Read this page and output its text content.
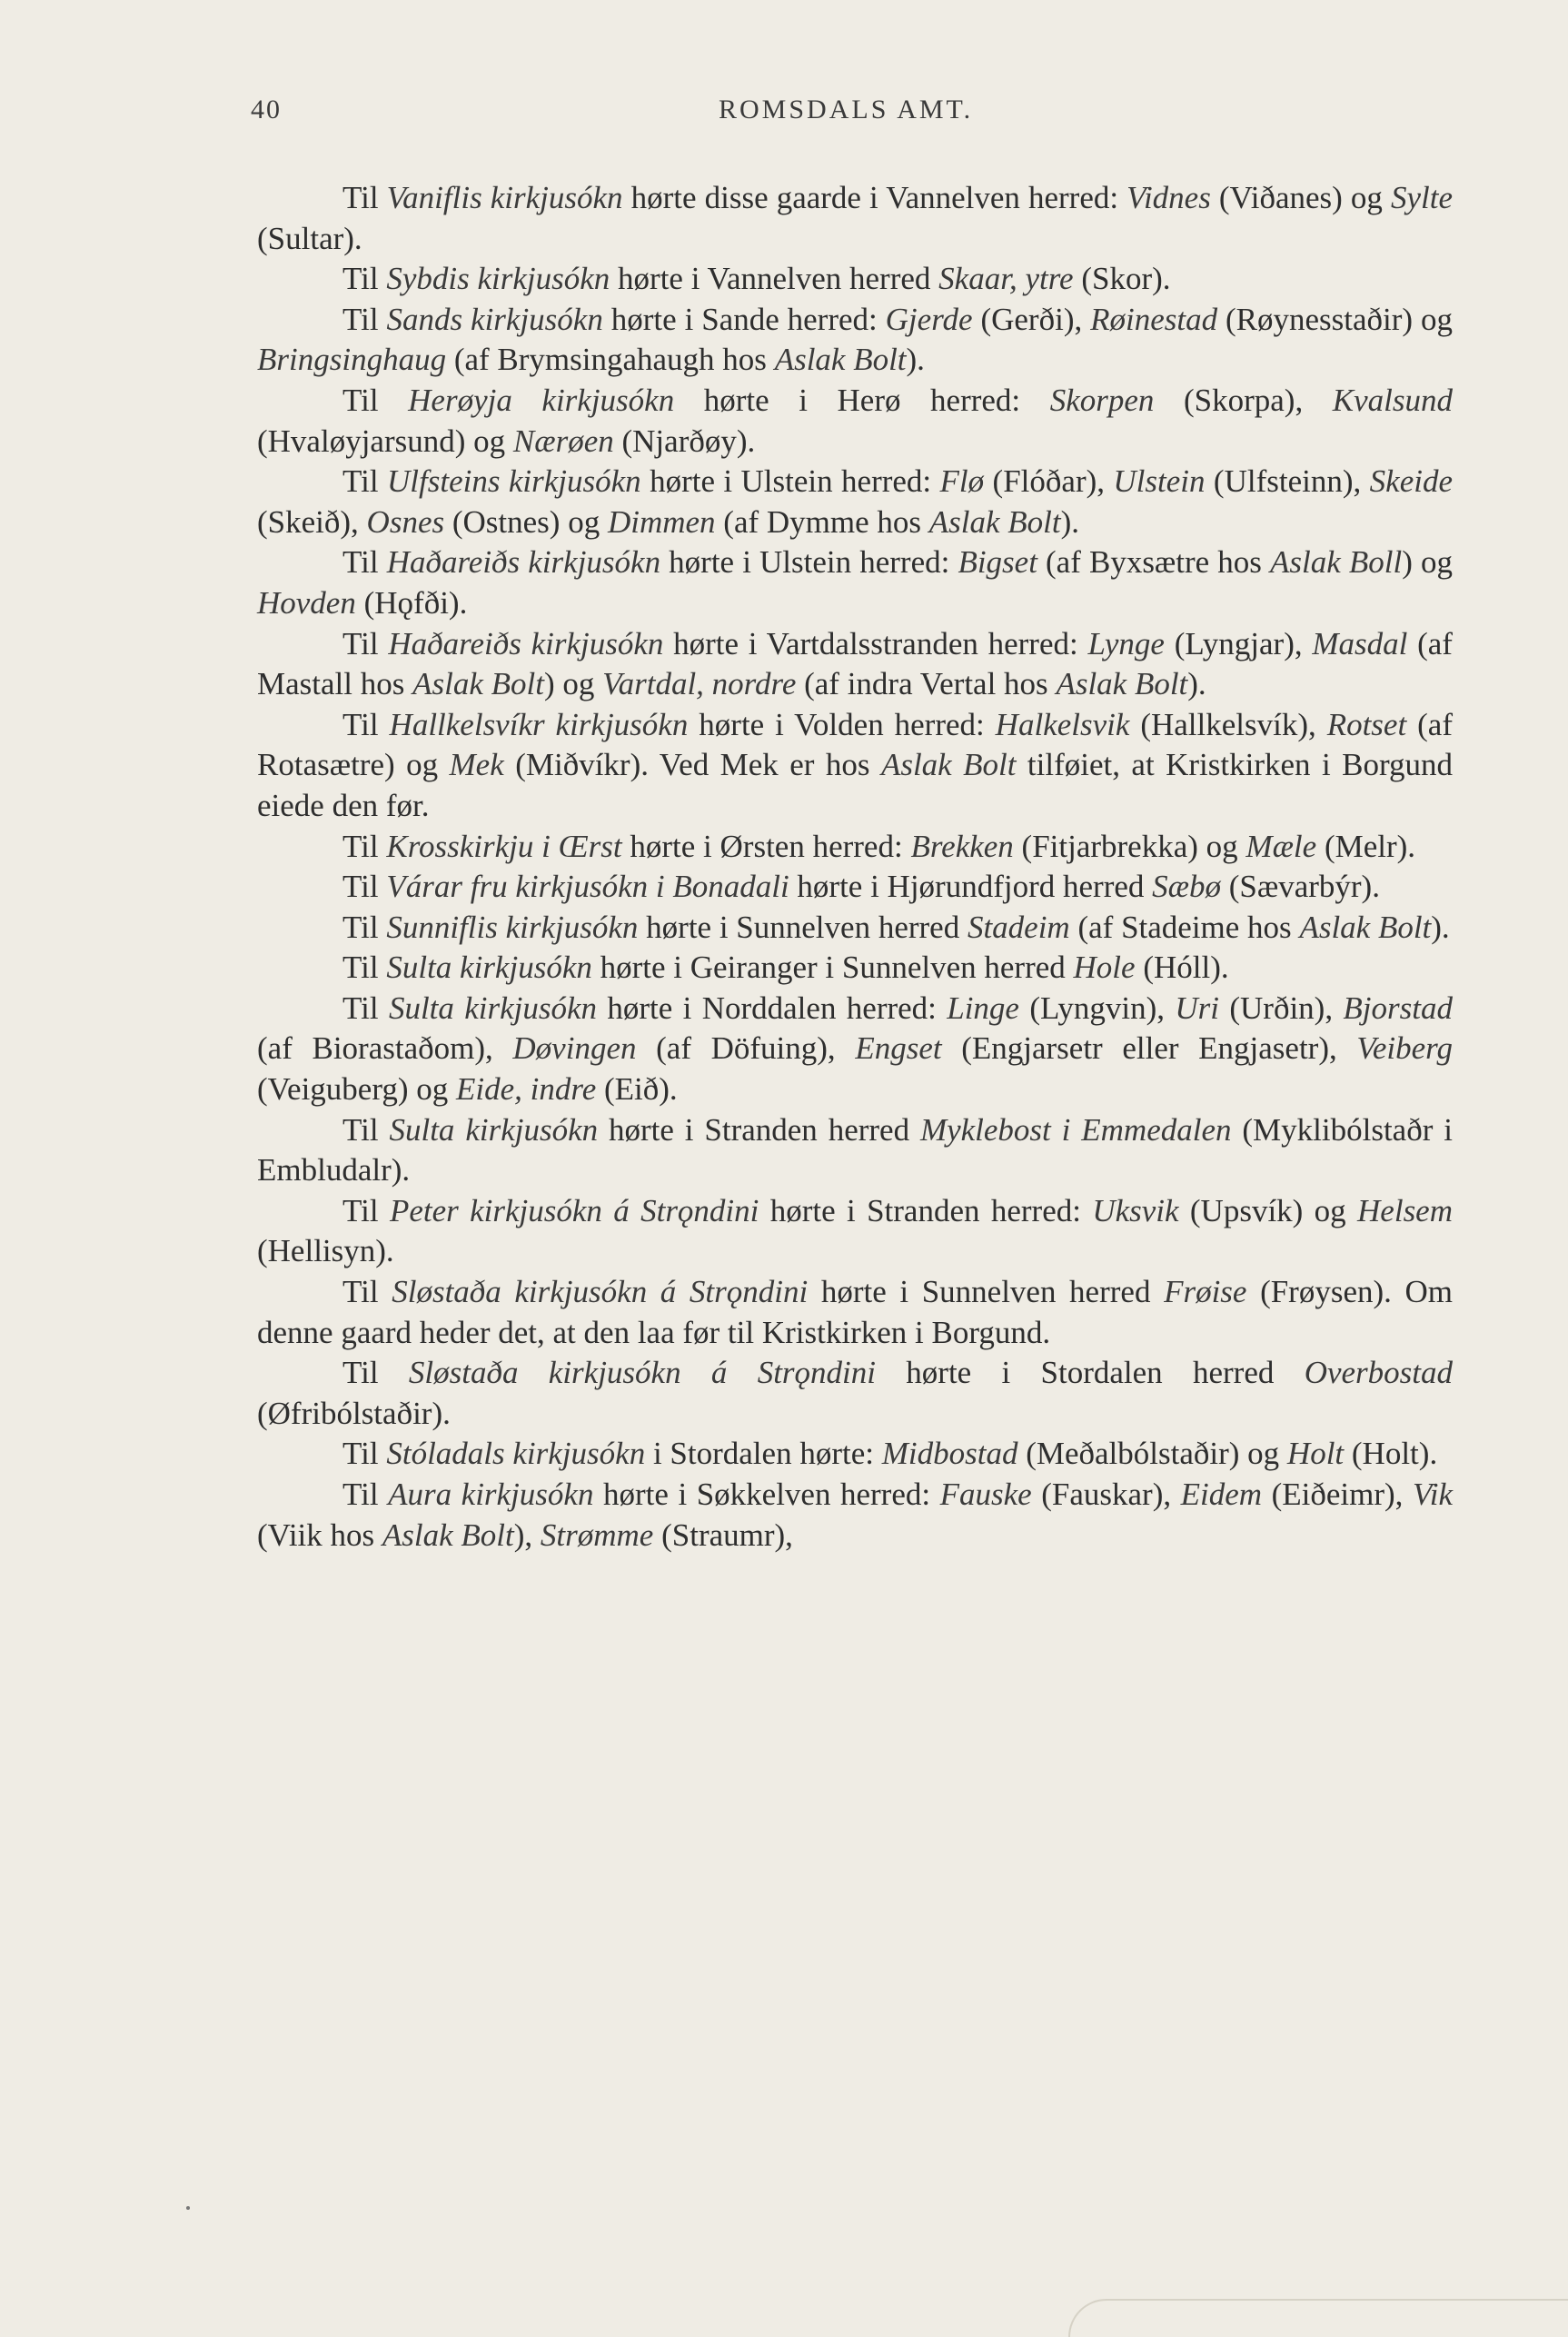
40	ROMSDALS AMT.

Til Vaniflis kirkjusókn hørte disse gaarde i Vannelven herred: Vidnes (Viðanes) og Sylte (Sultar).

Til Sybdis kirkjusókn hørte i Vannelven herred Skaar, ytre (Skor).

Til Sands kirkjusókn hørte i Sande herred: Gjerde (Gerði), Røinestad (Røynesstaðir) og Bringsinghaug (af Brymsingahaugh hos Aslak Bolt).

Til Herøyja kirkjusókn hørte i Herø herred: Skorpen (Skorpa), Kvalsund (Hvaløyjarsund) og Nærøen (Njarðøy).

Til Ulfsteins kirkjusókn hørte i Ulstein herred: Flø (Flóðar), Ulstein (Ulfsteinn), Skeide (Skeið), Osnes (Ostnes) og Dimmen (af Dymme hos Aslak Bolt).

Til Haðareiðs kirkjusókn hørte i Ulstein herred: Bigset (af Byxsætre hos Aslak Boll) og Hovden (Hǫfði).

Til Haðareiðs kirkjusókn hørte i Vartdalsstranden herred: Lynge (Lyngjar), Masdal (af Mastall hos Aslak Bolt) og Vartdal, nordre (af indra Vertal hos Aslak Bolt).

Til Hallkelsvíkr kirkjusókn hørte i Volden herred: Halkelsvik (Hallkelsvík), Rotset (af Rotasætre) og Mek (Miðvíkr). Ved Mek er hos Aslak Bolt tilføiet, at Kristkirken i Borgund eiede den før.

Til Krosskirkju i Œrst hørte i Ørsten herred: Brekken (Fitjarbrekka) og Mæle (Melr).

Til Várar fru kirkjusókn i Bonadali hørte i Hjørundfjord herred Sæbø (Sævarbýr).

Til Sunniflis kirkjusókn hørte i Sunnelven herred Stadeim (af Stadeime hos Aslak Bolt).

Til Sulta kirkjusókn hørte i Geiranger i Sunnelven herred Hole (Hóll).

Til Sulta kirkjusókn hørte i Norddalen herred: Linge (Lyngvin), Uri (Urðin), Bjorstad (af Biorastaðom), Døvingen (af Döfuing), Engset (Engjarsetr eller Engjasetr), Veiberg (Veiguberg) og Eide, indre (Eið).

Til Sulta kirkjusókn hørte i Stranden herred Myklebost i Emmedalen (Myklibólstaðr i Embludalr).

Til Peter kirkjusókn á Strǫndini hørte i Stranden herred: Uksvik (Upsvík) og Helsem (Hellisyn).

Til Sløstaða kirkjusókn á Strǫndini hørte i Sunnelven herred Frøise (Frøysen). Om denne gaard heder det, at den laa før til Kristkirken i Borgund.

Til Sløstaða kirkjusókn á Strǫndini hørte i Stordalen herred Overbostad (Øfribólstaðir).

Til Stóladals kirkjusókn i Stordalen hørte: Midbostad (Meðalbólstaðir) og Holt (Holt).

Til Aura kirkjusókn hørte i Søkkelven herred: Fauske (Fauskar), Eidem (Eiðeimr), Vik (Viik hos Aslak Bolt), Strømme (Straumr),
